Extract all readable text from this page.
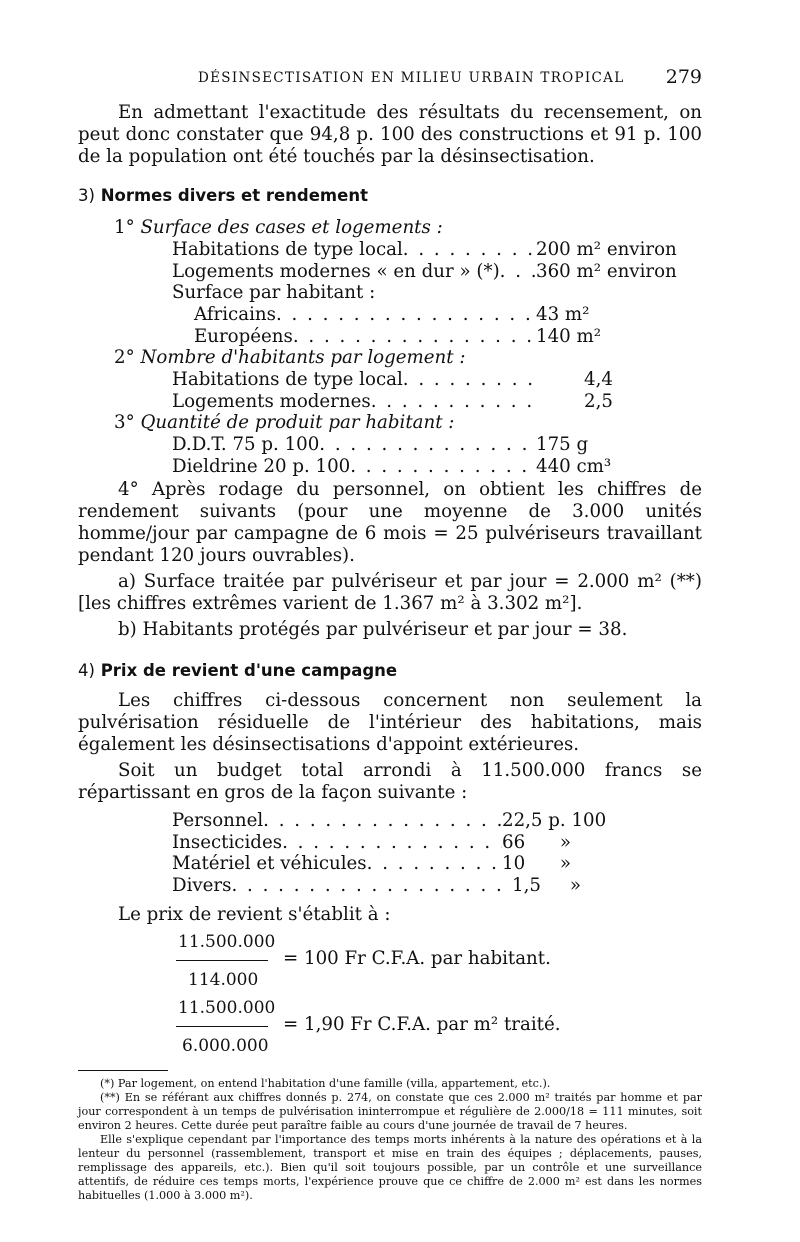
DÉSINSECTISATION EN MILIEU URBAIN TROPICAL 279

En admettant l'exactitude des résultats du recensement, on peut donc constater que 94,8 p. 100 des constructions et 91 p. 100 de la population ont été touchés par la désinsectisation.

3) Normes divers et rendement
1° Surface des cases et logements :
Habitations de type local . . .	200 m² environ
Logements modernes « en dur » (*) . . . 360 m² environ
Surface par habitant :
Africains . . .	43 m²
Européens . . .	140 m²
2° Nombre d'habitants par logement :
Habitations de type local . . .	4,4
Logements modernes . . .	2,5
3° Quantité de produit par habitant :
D.D.T. 75 p. 100 . . .	175 g
Dieldrine 20 p. 100 . . .	440 cm³

4° Après rodage du personnel, on obtient les chiffres de rendement suivants (pour une moyenne de 3.000 unités homme/jour par campagne de 6 mois = 25 pulvériseurs travaillant pendant 120 jours ouvrables).

a) Surface traitée par pulvériseur et par jour = 2.000 m² (**) [les chiffres extrêmes varient de 1.367 m² à 3.302 m²].

b) Habitants protégés par pulvériseur et par jour = 38.

4) Prix de revient d'une campagne

Les chiffres ci-dessous concernent non seulement la pulvérisation résiduelle de l'intérieur des habitations, mais également les désinsectisations d'appoint extérieures.

Soit un budget total arrondi à 11.500.000 francs se répartissant en gros de la façon suivante :

Personnel . . .	22,5 p. 100
Insecticides . . .	66      »
Matériel et véhicules . . .	10      »
Divers . . .	1,5     »

Le prix de revient s'établit à :

11.500.000
= 100 Fr C.F.A. par habitant.
114.000
11.500.000
= 1,90 Fr C.F.A. par m² traité.
6.000.000

(*) Par logement, on entend l'habitation d'une famille (villa, appartement, etc.).

(**) En se référant aux chiffres donnés p. 274, on constate que ces 2.000 m² traités par homme et par jour correspondent à un temps de pulvérisation ininterrompue et régulière de 2.000/18 = 111 minutes, soit environ 2 heures. Cette durée peut paraître faible au cours d'une journée de travail de 7 heures.

Elle s'explique cependant par l'importance des temps morts inhérents à la nature des opérations et à la lenteur du personnel (rassemblement, transport et mise en train des équipes ; déplacements, pauses, remplissage des appareils, etc.). Bien qu'il soit toujours possible, par un contrôle et une surveillance attentifs, de réduire ces temps morts, l'expérience prouve que ce chiffre de 2.000 m² est dans les normes habituelles (1.000 à 3.000 m²).
